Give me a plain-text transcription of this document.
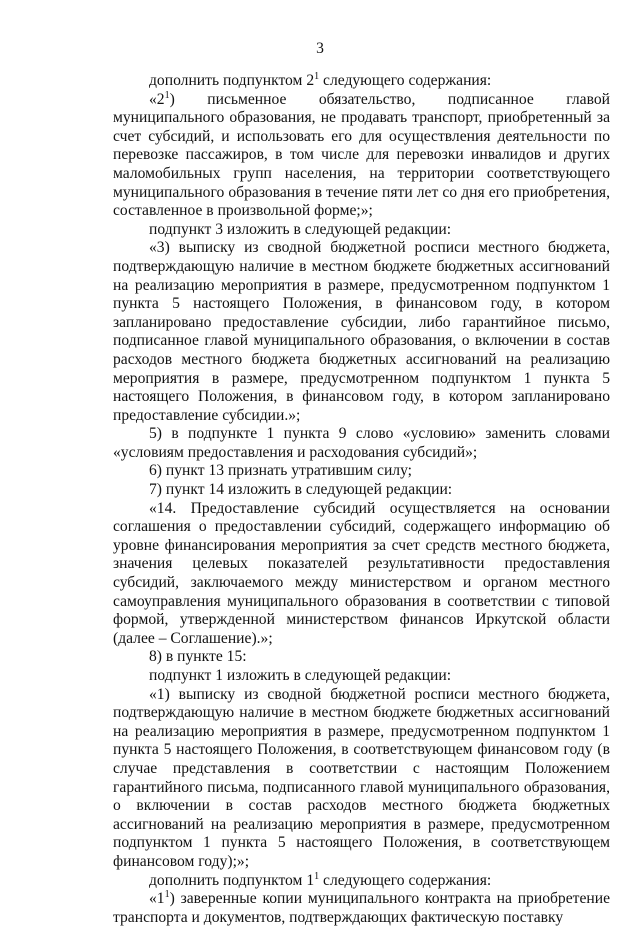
3

дополнить подпунктом $2^1$ следующего содержания:

«$2^1$) письменное обязательство, подписанное главой муниципального образования, не продавать транспорт, приобретенный за счет субсидий, и использовать его для осуществления деятельности по перевозке пассажиров, в том числе для перевозки инвалидов и других маломобильных групп населения, на территории соответствующего муниципального образования в течение пяти лет со дня его приобретения, составленное в произвольной форме;»;

подпункт 3 изложить в следующей редакции:

«3) выписку из сводной бюджетной росписи местного бюджета, подтверждающую наличие в местном бюджете бюджетных ассигнований на реализацию мероприятия в размере, предусмотренном подпунктом 1 пункта 5 настоящего Положения, в финансовом году, в котором запланировано предоставление субсидии, либо гарантийное письмо, подписанное главой муниципального образования, о включении в состав расходов местного бюджета бюджетных ассигнований на реализацию мероприятия в размере, предусмотренном подпунктом 1 пункта 5 настоящего Положения, в финансовом году, в котором запланировано предоставление субсидии.»;

5) в подпункте 1 пункта 9 слово «условию» заменить словами «условиям предоставления и расходования субсидий»;

6) пункт 13 признать утратившим силу;

7) пункт 14 изложить в следующей редакции:

«14. Предоставление субсидий осуществляется на основании соглашения о предоставлении субсидий, содержащего информацию об уровне финансирования мероприятия за счет средств местного бюджета, значения целевых показателей результативности предоставления субсидий, заключаемого между министерством и органом местного самоуправления муниципального образования в соответствии с типовой формой, утвержденной министерством финансов Иркутской области (далее – Соглашение).»;

8) в пункте 15:

подпункт 1 изложить в следующей редакции:

«1) выписку из сводной бюджетной росписи местного бюджета, подтверждающую наличие в местном бюджете бюджетных ассигнований на реализацию мероприятия в размере, предусмотренном подпунктом 1 пункта 5 настоящего Положения, в соответствующем финансовом году (в случае представления в соответствии с настоящим Положением гарантийного письма, подписанного главой муниципального образования, о включении в состав расходов местного бюджета бюджетных ассигнований на реализацию мероприятия в размере, предусмотренном подпунктом 1 пункта 5 настоящего Положения, в соответствующем финансовом году);»;

дополнить подпунктом $1^1$ следующего содержания:

«$1^1$) заверенные копии муниципального контракта на приобретение транспорта и документов, подтверждающих фактическую поставку
